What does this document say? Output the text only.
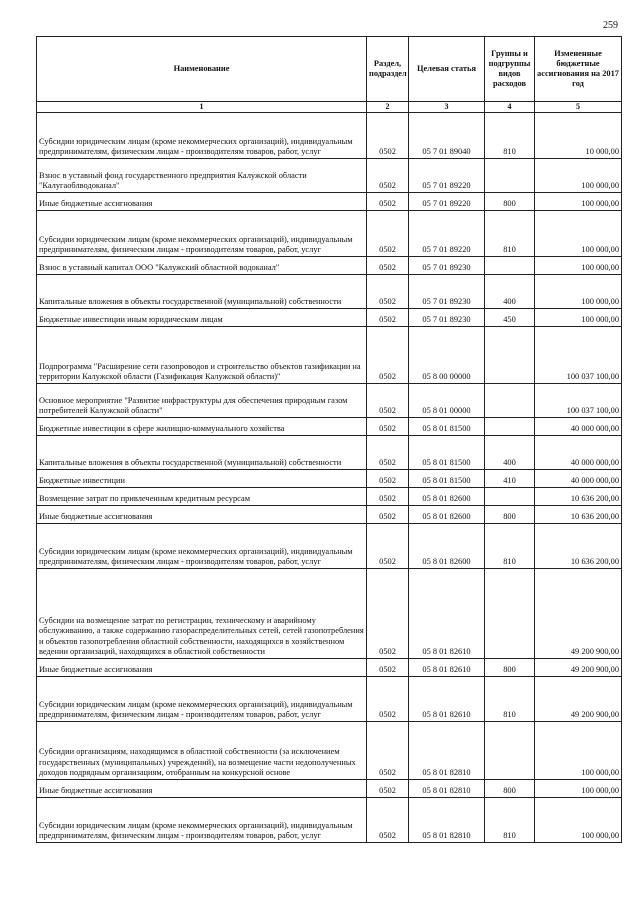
259
Наименование	Раздел, подраздел	Целевая статья	Группы и подгруппы видов расходов	Измененные бюджетные ассигнования на 2017 год
1	2	3	4	5
Субсидии юридическим лицам (кроме некоммерческих организаций), индивидуальным предпринимателям, физическим лицам - производителям товаров, работ, услуг	0502	05 7 01 89040	810	10 000,00
Взнос в уставный фонд государственного предприятия Калужской области "Калугаоблводоканал"	0502	05 7 01 89220		100 000,00
Иные бюджетные ассигнования	0502	05 7 01 89220	800	100 000,00
Субсидии юридическим лицам (кроме некоммерческих организаций), индивидуальным предпринимателям, физическим лицам - производителям товаров, работ, услуг	0502	05 7 01 89220	810	100 000,00
Взнос в уставный капитал ООО "Калужский областной водоканал"	0502	05 7 01 89230		100 000,00
Капитальные вложения в объекты государственной (муниципальной) собственности	0502	05 7 01 89230	400	100 000,00
Бюджетные инвестиции иным юридическим лицам	0502	05 7 01 89230	450	100 000,00
Подпрограмма "Расширение сети газопроводов и строительство объектов газификации на территории Калужской области (Газификация Калужской области)"	0502	05 8 00 00000		100 037 100,00
Основное мероприятие "Развитие инфраструктуры для обеспечения природным газом потребителей Калужской области"	0502	05 8 01 00000		100 037 100,00
Бюджетные инвестиции в сфере жилищно-коммунального хозяйства	0502	05 8 01 81500		40 000 000,00
Капитальные вложения в объекты государственной (муниципальной) собственности	0502	05 8 01 81500	400	40 000 000,00
Бюджетные инвестиции	0502	05 8 01 81500	410	40 000 000,00
Возмещение затрат по привлеченным кредитным ресурсам	0502	05 8 01 82600		10 636 200,00
Иные бюджетные ассигнования	0502	05 8 01 82600	800	10 636 200,00
Субсидии юридическим лицам (кроме некоммерческих организаций), индивидуальным предпринимателям, физическим лицам - производителям товаров, работ, услуг	0502	05 8 01 82600	810	10 636 200,00
Субсидии на возмещение затрат по регистрации, техническому и аварийному обслуживанию, а также содержанию газораспределительных сетей, сетей газопотребления и объектов газопотребления областной собственности, находящихся в хозяйственном ведении организаций, находящихся в областной собственности	0502	05 8 01 82610		49 200 900,00
Иные бюджетные ассигнования	0502	05 8 01 82610	800	49 200 900,00
Субсидии юридическим лицам (кроме некоммерческих организаций), индивидуальным предпринимателям, физическим лицам - производителям товаров, работ, услуг	0502	05 8 01 82610	810	49 200 900,00
Субсидии организациям, находящимся в областной собственности (за исключением государственных (муниципальных) учреждений), на возмещение части недополученных доходов подрядным организациям, отобранным на конкурсной основе	0502	05 8 01 82810		100 000,00
Иные бюджетные ассигнования	0502	05 8 01 82810	800	100 000,00
Субсидии юридическим лицам (кроме некоммерческих организаций), индивидуальным предпринимателям, физическим лицам - производителям товаров, работ, услуг	0502	05 8 01 82810	810	100 000,00
